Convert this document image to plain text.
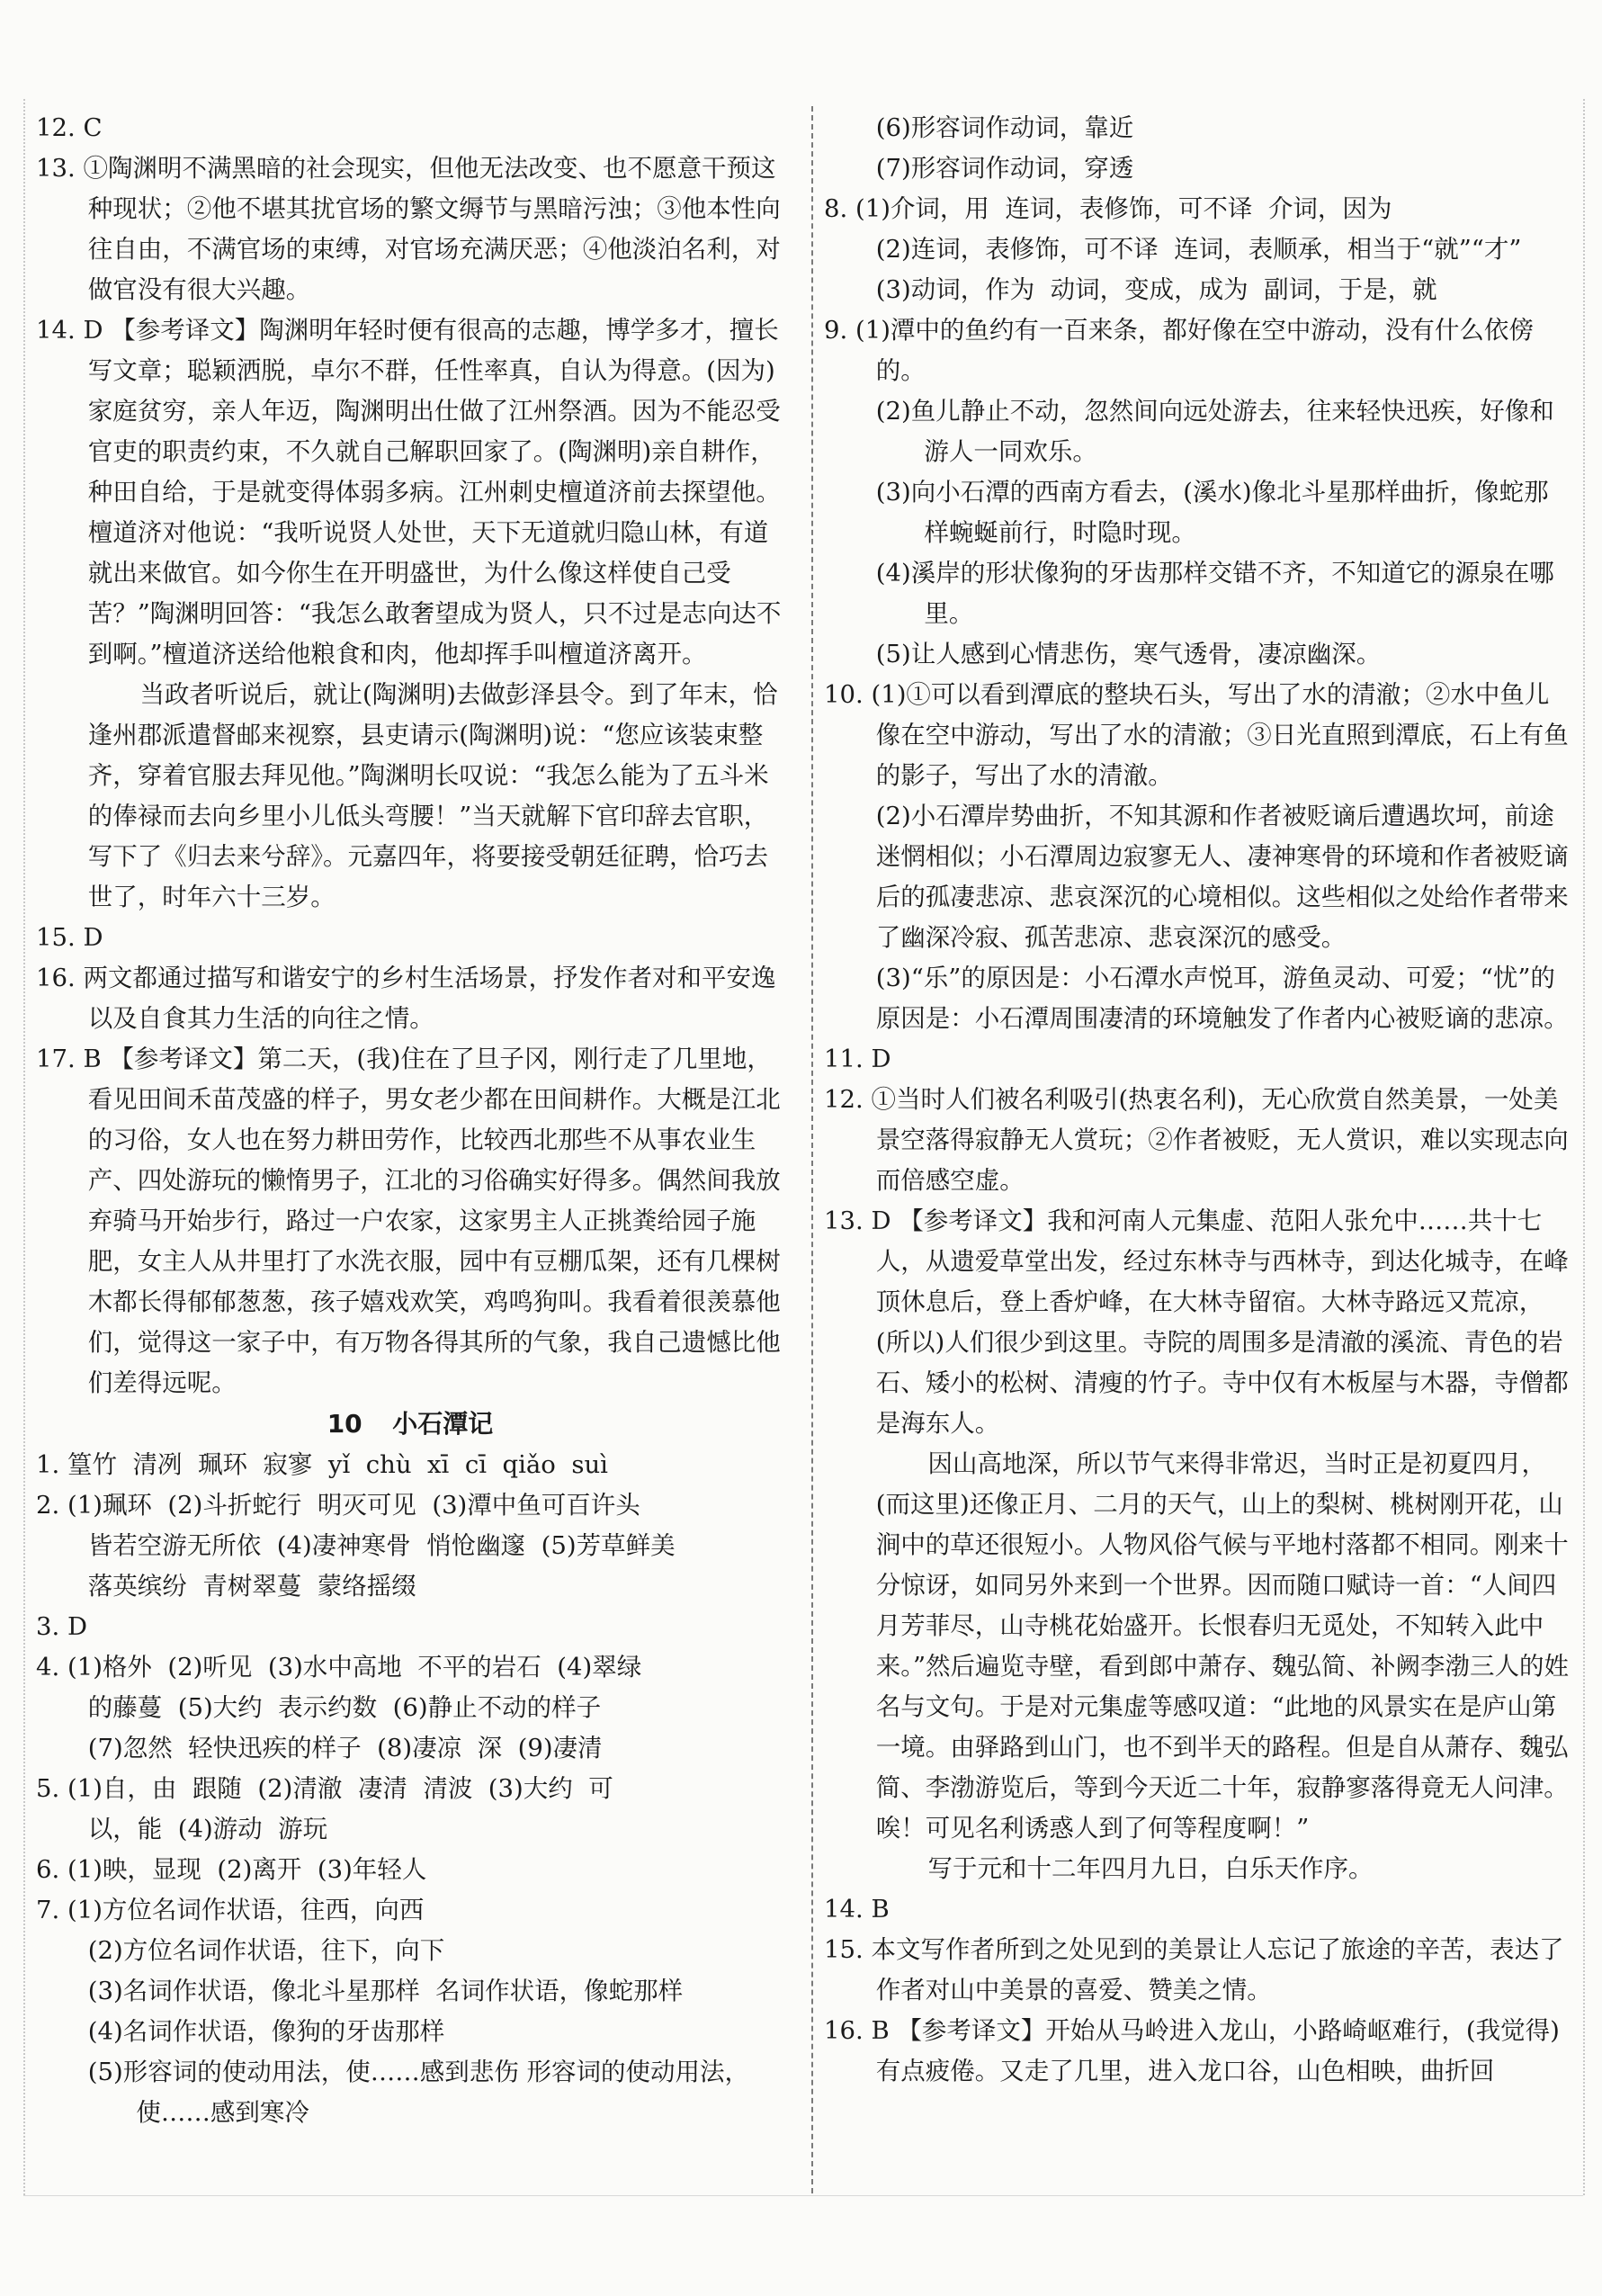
12. C

13. ①陶渊明不满黑暗的社会现实，但他无法改变、也不愿意干预这种现状；②他不堪其扰官场的繁文缛节与黑暗污浊；③他本性向往自由，不满官场的束缚，对官场充满厌恶；④他淡泊名利，对做官没有很大兴趣。

14. D 【参考译文】陶渊明年轻时便有很高的志趣，博学多才，擅长写文章；聪颖洒脱，卓尔不群，任性率真，自认为得意。(因为)家庭贫穷，亲人年迈，陶渊明出仕做了江州祭酒。因为不能忍受官吏的职责约束，不久就自己解职回家了。(陶渊明)亲自耕作，种田自给，于是就变得体弱多病。江州刺史檀道济前去探望他。檀道济对他说：“我听说贤人处世，天下无道就归隐山林，有道就出来做官。如今你生在开明盛世，为什么像这样使自己受苦？”陶渊明回答：“我怎么敢奢望成为贤人，只不过是志向达不到啊。”檀道济送给他粮食和肉，他却挥手叫檀道济离开。

当政者听说后，就让(陶渊明)去做彭泽县令。到了年末，恰逢州郡派遣督邮来视察，县吏请示(陶渊明)说：“您应该装束整齐，穿着官服去拜见他。”陶渊明长叹说：“我怎么能为了五斗米的俸禄而去向乡里小儿低头弯腰！”当天就解下官印辞去官职，写下了《归去来兮辞》。元嘉四年，将要接受朝廷征聘，恰巧去世了，时年六十三岁。

15. D

16. 两文都通过描写和谐安宁的乡村生活场景，抒发作者对和平安逸以及自食其力生活的向往之情。

17. B 【参考译文】第二天，(我)住在了旦子冈，刚行走了几里地，看见田间禾苗茂盛的样子，男女老少都在田间耕作。大概是江北的习俗，女人也在努力耕田劳作，比较西北那些不从事农业生产、四处游玩的懒惰男子，江北的习俗确实好得多。偶然间我放弃骑马开始步行，路过一户农家，这家男主人正挑粪给园子施肥，女主人从井里打了水洗衣服，园中有豆棚瓜架，还有几棵树木都长得郁郁葱葱，孩子嬉戏欢笑，鸡鸣狗叫。我看着很羡慕他们，觉得这一家子中，有万物各得其所的气象，我自己遗憾比他们差得远呢。

10 小石潭记

1. 篁竹  清冽  珮环  寂寥  yǐ  chù  xī  cī  qiǎo  suì

2. (1)珮环  (2)斗折蛇行  明灭可见  (3)潭中鱼可百许头

皆若空游无所依  (4)凄神寒骨  悄怆幽邃  (5)芳草鲜美

落英缤纷  青树翠蔓  蒙络摇缀

3. D

4. (1)格外  (2)听见  (3)水中高地  不平的岩石  (4)翠绿

的藤蔓  (5)大约  表示约数  (6)静止不动的样子

(7)忽然  轻快迅疾的样子  (8)凄凉  深  (9)凄清

5. (1)自，由  跟随  (2)清澈  凄清  清波  (3)大约  可

以，能  (4)游动  游玩

6. (1)映，显现  (2)离开  (3)年轻人

7. (1)方位名词作状语，往西，向西

(2)方位名词作状语，往下，向下

(3)名词作状语，像北斗星那样  名词作状语，像蛇那样

(4)名词作状语，像狗的牙齿那样

(5)形容词的使动用法，使……感到悲伤 形容词的使动用法，使……感到寒冷

(6)形容词作动词，靠近

(7)形容词作动词，穿透

8. (1)介词，用  连词，表修饰，可不译  介词，因为

(2)连词，表修饰，可不译  连词，表顺承，相当于“就”“才”

(3)动词，作为  动词，变成，成为  副词，于是，就

9. (1)潭中的鱼约有一百来条，都好像在空中游动，没有什么依傍的。

(2)鱼儿静止不动，忽然间向远处游去，往来轻快迅疾，好像和游人一同欢乐。
(3)向小石潭的西南方看去，(溪水)像北斗星那样曲折，像蛇那样蜿蜒前行，时隐时现。
(4)溪岸的形状像狗的牙齿那样交错不齐，不知道它的源泉在哪里。

(5)让人感到心情悲伤，寒气透骨，凄凉幽深。

10. (1)①可以看到潭底的整块石头，写出了水的清澈；②水中鱼儿像在空中游动，写出了水的清澈；③日光直照到潭底，石上有鱼的影子，写出了水的清澈。

(2)小石潭岸势曲折，不知其源和作者被贬谪后遭遇坎坷，前途迷惘相似；小石潭周边寂寥无人、凄神寒骨的环境和作者被贬谪后的孤凄悲凉、悲哀深沉的心境相似。这些相似之处给作者带来了幽深冷寂、孤苦悲凉、悲哀深沉的感受。

(3)“乐”的原因是：小石潭水声悦耳，游鱼灵动、可爱；“忧”的原因是：小石潭周围凄清的环境触发了作者内心被贬谪的悲凉。

11. D

12. ①当时人们被名利吸引(热衷名利)，无心欣赏自然美景，一处美景空落得寂静无人赏玩；②作者被贬，无人赏识，难以实现志向而倍感空虚。

13. D 【参考译文】我和河南人元集虚、范阳人张允中……共十七人，从遗爱草堂出发，经过东林寺与西林寺，到达化城寺，在峰顶休息后，登上香炉峰，在大林寺留宿。大林寺路远又荒凉，(所以)人们很少到这里。寺院的周围多是清澈的溪流、青色的岩石、矮小的松树、清瘦的竹子。寺中仅有木板屋与木器，寺僧都是海东人。

因山高地深，所以节气来得非常迟，当时正是初夏四月，(而这里)还像正月、二月的天气，山上的梨树、桃树刚开花，山涧中的草还很短小。人物风俗气候与平地村落都不相同。刚来十分惊讶，如同另外来到一个世界。因而随口赋诗一首：“人间四月芳菲尽，山寺桃花始盛开。长恨春归无觅处，不知转入此中来。”然后遍览寺壁，看到郎中萧存、魏弘简、补阙李渤三人的姓名与文句。于是对元集虚等感叹道：“此地的风景实在是庐山第一境。由驿路到山门，也不到半天的路程。但是自从萧存、魏弘简、李渤游览后，等到今天近二十年，寂静寥落得竟无人问津。唉！可见名利诱惑人到了何等程度啊！”

写于元和十二年四月九日，白乐天作序。

14. B

15. 本文写作者所到之处见到的美景让人忘记了旅途的辛苦，表达了作者对山中美景的喜爱、赞美之情。

16. B 【参考译文】开始从马岭进入龙山，小路崎岖难行，(我觉得)有点疲倦。又走了几里，进入龙口谷，山色相映，曲折回
